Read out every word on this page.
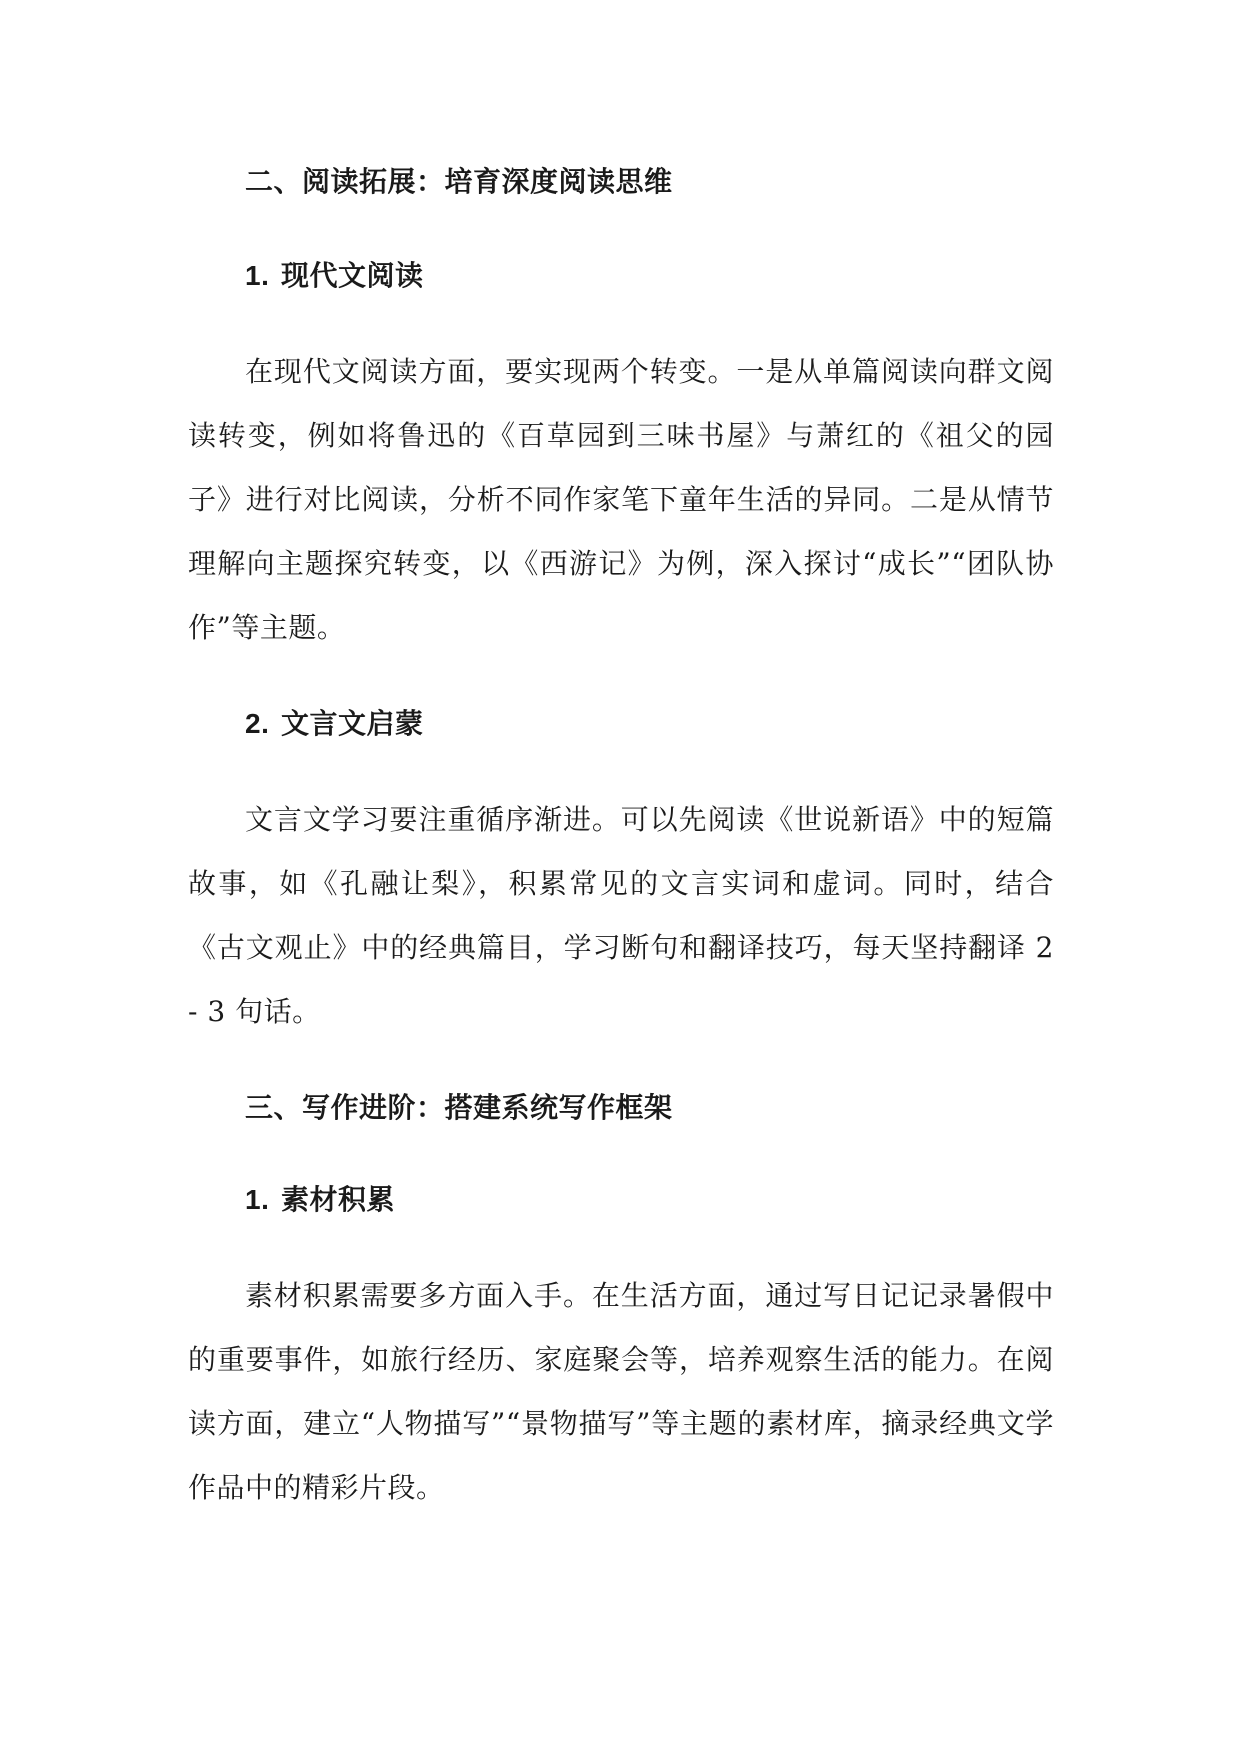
二、阅读拓展：培育深度阅读思维
1. 现代文阅读

在现代文阅读方面，要实现两个转变。一是从单篇阅读向群文阅读转变，例如将鲁迅的《百草园到三味书屋》与萧红的《祖父的园子》进行对比阅读，分析不同作家笔下童年生活的异同。二是从情节理解向主题探究转变，以《西游记》为例，深入探讨“成长”“团队协作”等主题。

2. 文言文启蒙

文言文学习要注重循序渐进。可以先阅读《世说新语》中的短篇故事，如《孔融让梨》，积累常见的文言实词和虚词。同时，结合《古文观止》中的经典篇目，学习断句和翻译技巧，每天坚持翻译 2 - 3 句话。

三、写作进阶：搭建系统写作框架
1. 素材积累

素材积累需要多方面入手。在生活方面，通过写日记记录暑假中的重要事件，如旅行经历、家庭聚会等，培养观察生活的能力。在阅读方面，建立“人物描写”“景物描写”等主题的素材库，摘录经典文学作品中的精彩片段。
